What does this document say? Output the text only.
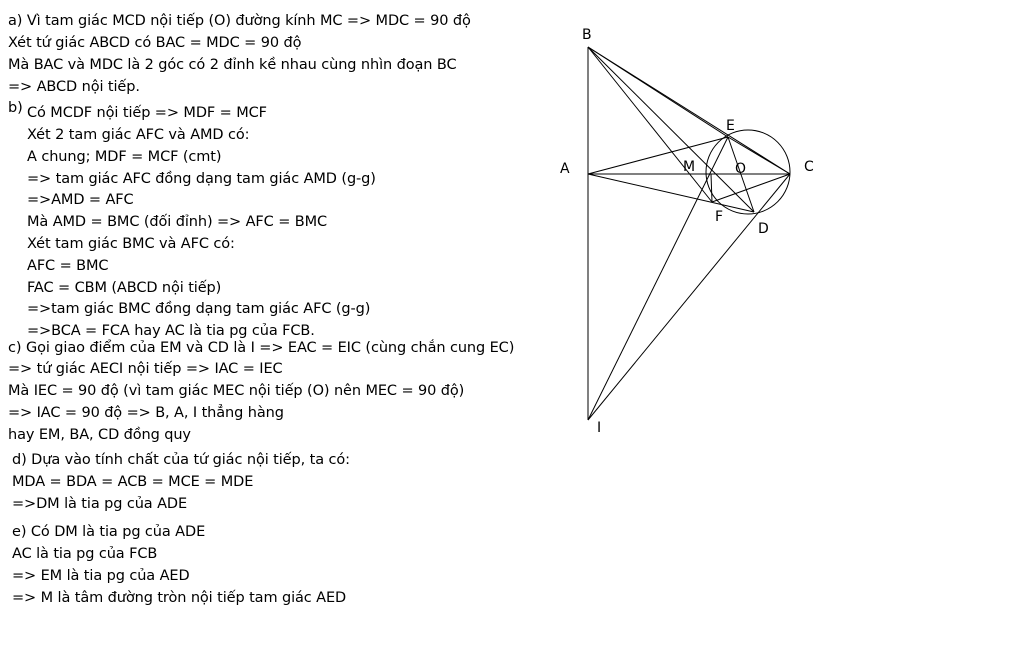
a) Vì tam giác MCD nội tiếp (O) đường kính MC => MDC = 90 độ
Xét tứ giác ABCD có BAC = MDC = 90 độ
Mà BAC và MDC là 2 góc có 2 đỉnh kề nhau cùng nhìn đoạn BC
=> ABCD nội tiếp.
b) Có MCDF nội tiếp => MDF = MCF
Xét 2 tam giác AFC và AMD có:
A chung; MDF = MCF (cmt)
=> tam giác AFC đồng dạng tam giác AMD (g-g)
=>AMD = AFC
Mà AMD = BMC (đối đỉnh) => AFC = BMC
Xét tam giác BMC và AFC có:
AFC = BMC
FAC = CBM (ABCD nội tiếp)
=>tam giác BMC đồng dạng tam giác AFC (g-g)
=>BCA = FCA hay AC là tia pg của FCB.
c) Gọi giao điểm của EM và CD là I => EAC = EIC (cùng chắn cung EC)
=> tứ giác AECI nội tiếp => IAC = IEC
Mà IEC = 90 độ (vì tam giác MEC nội tiếp (O) nên MEC = 90 độ)
=> IAC = 90 độ => B, A, I thẳng hàng
hay EM, BA, CD đồng quy
d) Dựa vào tính chất của tứ giác nội tiếp, ta có:
MDA = BDA = ACB = MCE = MDE
=>DM là tia pg của ADE
e) Có DM là tia pg của ADE
AC là tia pg của FCB
=> EM là tia pg của AED
=> M là tâm đường tròn nội tiếp tam giác AED
B
A	M	O	C
E
F
D
I
